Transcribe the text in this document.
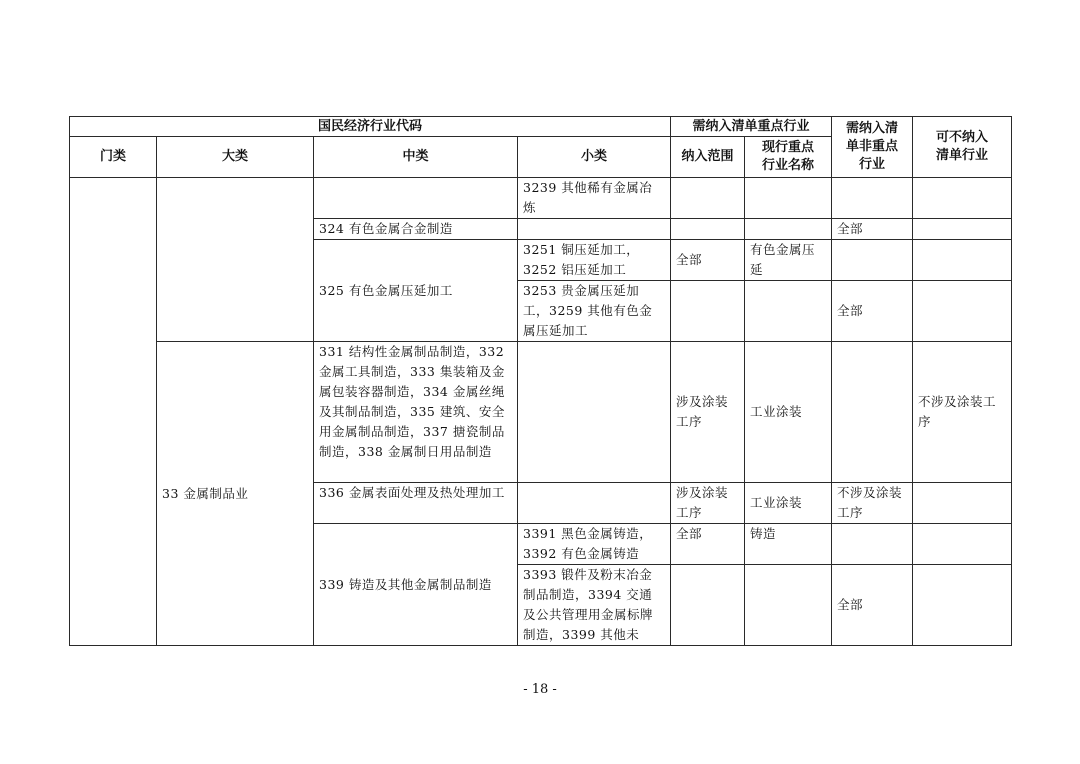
国民经济行业代码				需纳入清单重点行业		需纳入清单非重点行业	可不纳入清单行业
门类	大类	中类	小类	纳入范围	现行重点行业名称		
			3239 其他稀有金属冶炼				
		324 有色金属合金制造				全部	
		325 有色金属压延加工	3251 铜压延加工，3252 铝压延加工	全部	有色金属压延		
			3253 贵金属压延加工，3259 其他有色金属压延加工			全部	
	33 金属制品业	331 结构性金属制品制造，332 金属工具制造，333 集装箱及金属包装容器制造，334 金属丝绳及其制品制造，335 建筑、安全用金属制品制造，337 搪瓷制品制造，338 金属制日用品制造		涉及涂装工序	工业涂装		不涉及涂装工序
		336 金属表面处理及热处理加工		涉及涂装工序	工业涂装	不涉及涂装工序	
		339 铸造及其他金属制品制造	3391 黑色金属铸造，3392 有色金属铸造	全部	铸造		
			3393 锻件及粉末冶金制品制造，3394 交通及公共管理用金属标牌制造，3399 其他未			全部	
- 18 -
